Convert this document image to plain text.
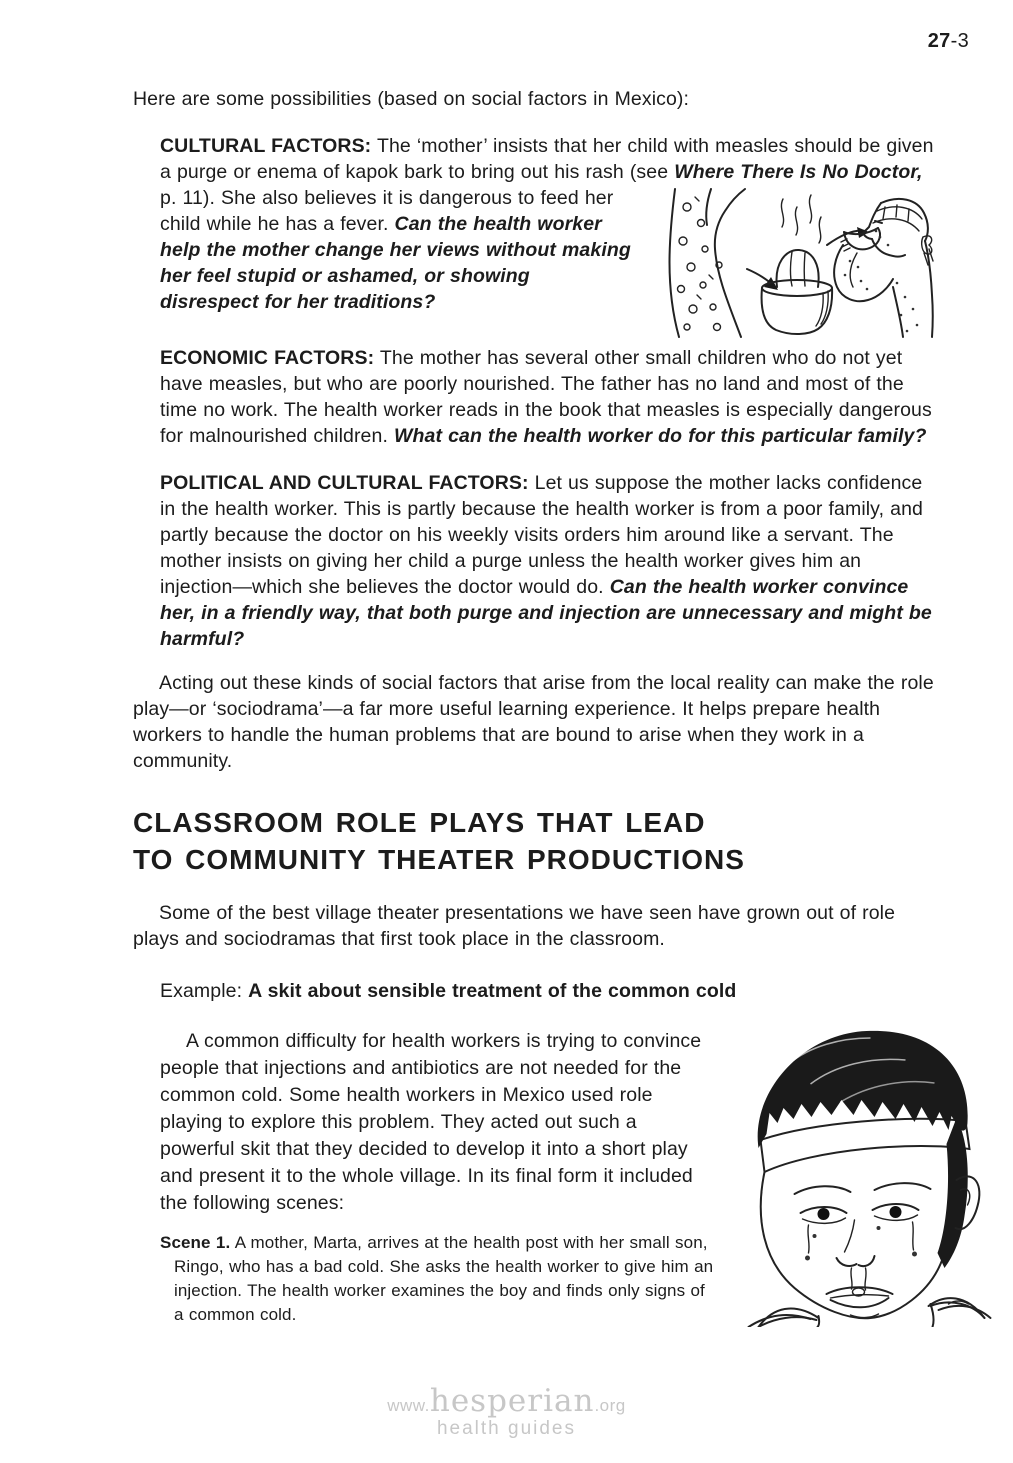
27-3

Here are some possibilities (based on social factors in Mexico):

CULTURAL FACTORS: The ‘mother’ insists that her child with measles should be given a purge or enema of kapok bark to bring out his rash (see Where There Is No Doctor, p. 11). She also believes it is dangerous to feed her child while he has a fever. Can the health worker help the mother change her views without making her feel stupid or ashamed, or showing disrespect for her traditions?
ECONOMIC FACTORS: The mother has several other small children who do not yet have measles, but who are poorly nourished. The father has no land and most of the time no work. The health worker reads in the book that measles is especially dangerous for malnourished children. What can the health worker do for this particular family?
POLITICAL AND CULTURAL FACTORS: Let us suppose the mother lacks confidence in the health worker. This is partly because the health worker is from a poor family, and partly because the doctor on his weekly visits orders him around like a servant. The mother insists on giving her child a purge unless the health worker gives him an injection—which she believes the doctor would do. Can the health worker convince her, in a friendly way, that both purge and injection are unnecessary and might be harmful?

Acting out these kinds of social factors that arise from the local reality can make the role play—or ‘sociodrama’—a far more useful learning experience. It helps prepare health workers to handle the human problems that are bound to arise when they work in a community.

CLASSROOM ROLE PLAYS THAT LEAD
TO COMMUNITY THEATER PRODUCTIONS

Some of the best village theater presentations we have seen have grown out of role plays and sociodramas that first took place in the classroom.

Example: A skit about sensible treatment of the common cold

A common difficulty for health workers is trying to convince people that injections and antibiotics are not needed for the common cold. Some health workers in Mexico used role playing to explore this problem. They acted out such a powerful skit that they decided to develop it into a short play and present it to the whole village. In its final form it included the following scenes:

Scene 1. A mother, Marta, arrives at the health post with her small son, Ringo, who has a bad cold. She asks the health worker to give him an injection. The health worker examines the boy and finds only signs of a common cold.

www.hesperian.org
health guides
